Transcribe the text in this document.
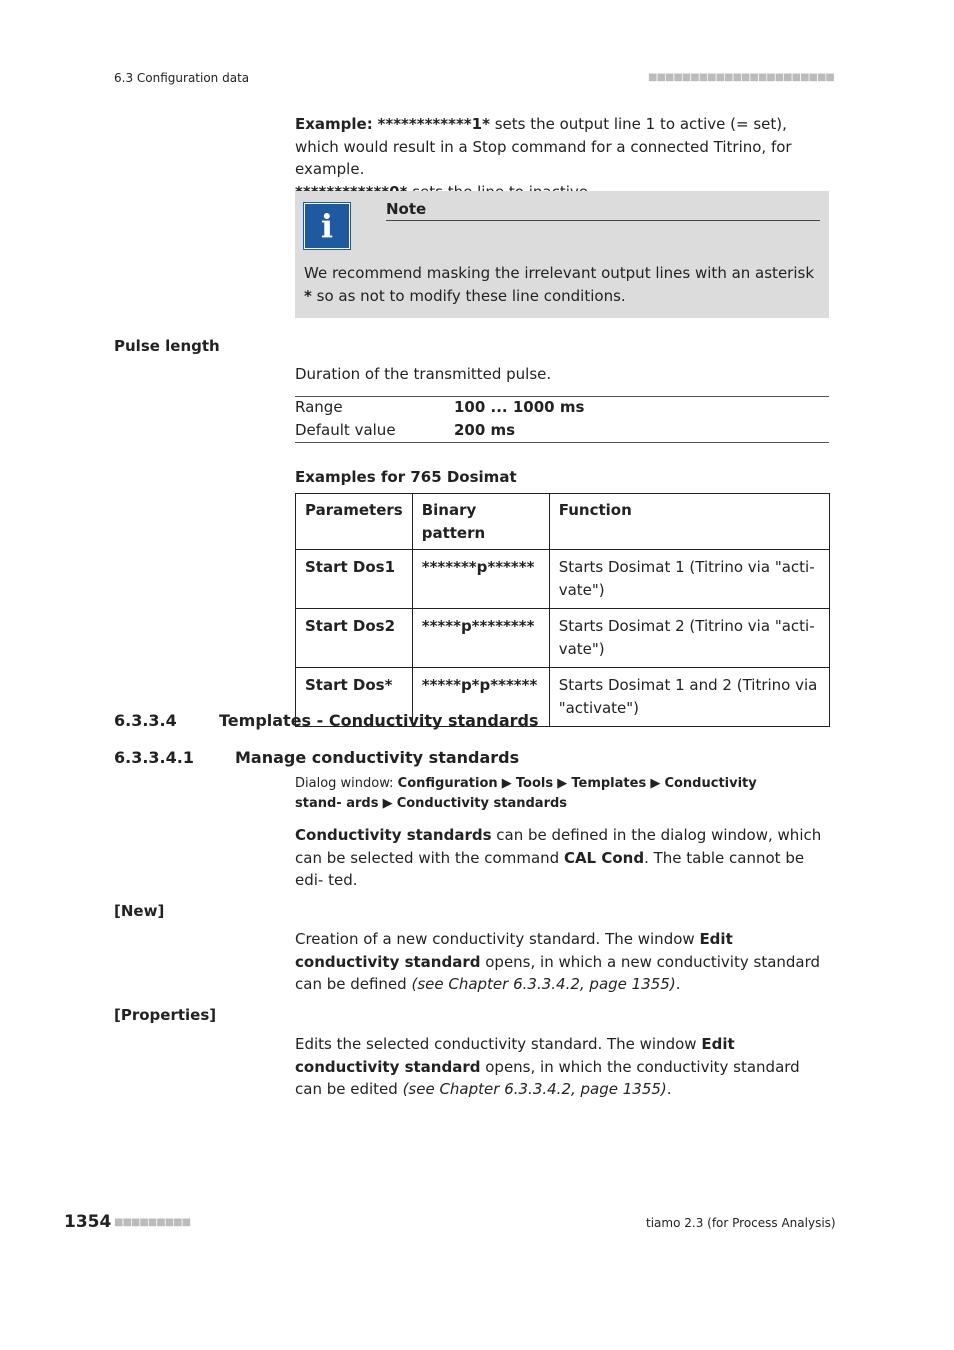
6.3 Configuration data	■■■■■■■■■■■■■■■■■■■■■■
Example: ************1* sets the output line 1 to active (= set), which would result in a Stop command for a connected Titrino, for example.

i	Note
We recommend masking the irrelevant output lines with an asterisk * so as not to modify these line conditions.
Pulse length
Duration of the transmitted pulse.
Range	100 ... 1000 ms
Default value	200 ms
Examples for 765 Dosimat
Parameters	Binary pattern	Function
Start Dos1	*******p******	Starts Dosimat 1 (Titrino via "acti- vate")
Start Dos2	*****p********	Starts Dosimat 2 (Titrino via "acti- vate")
Start Dos*	*****p*p******	Starts Dosimat 1 and 2 (Titrino via "activate")
6.3.3.4	Templates - Conductivity standards
6.3.3.4.1	Manage conductivity standards
Dialog window: Configuration ▶ Tools ▶ Templates ▶ Conductivity stand- ards ▶ Conductivity standards
Conductivity standards can be defined in the dialog window, which can be selected with the command CAL Cond. The table cannot be edi- ted.
[New]
Creation of a new conductivity standard. The window Edit conductivity standard opens, in which a new conductivity standard can be defined (see Chapter 6.3.3.4.2, page 1355).
[Properties]
Edits the selected conductivity standard. The window Edit conductivity standard opens, in which the conductivity standard can be edited (see Chapter 6.3.3.4.2, page 1355).
1354 ■■■■■■■■■	tiamo 2.3 (for Process Analysis)
